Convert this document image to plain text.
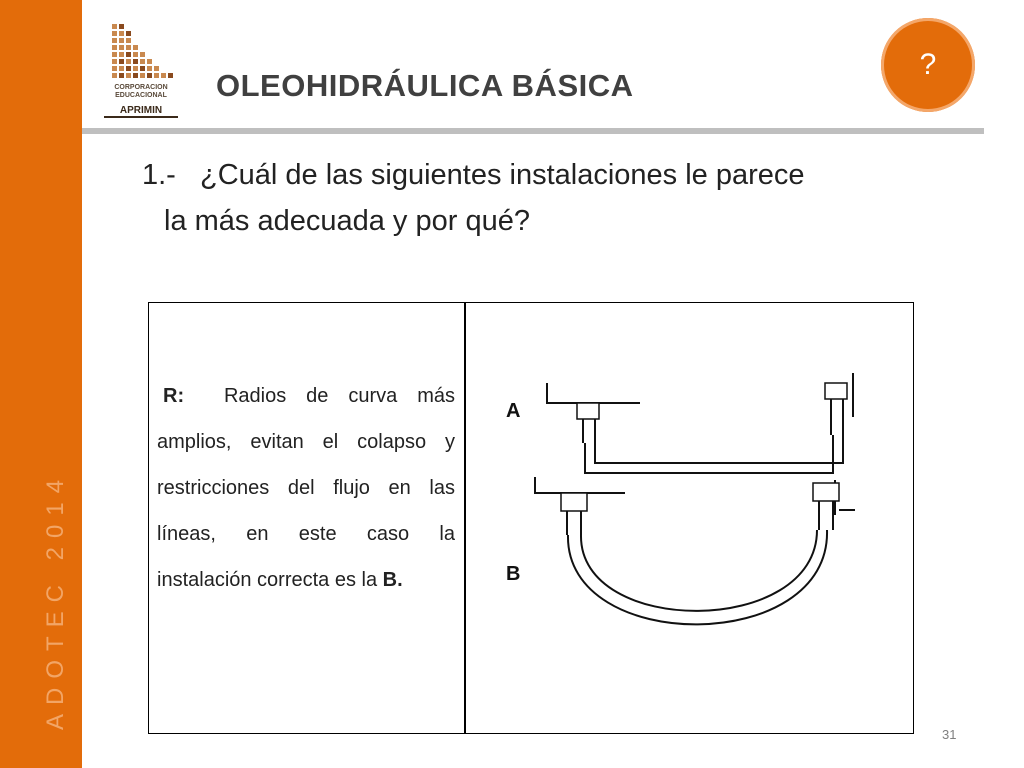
ADOTEC 2014
CORPORACION
EDUCACIONAL
APRIMIN
OLEOHIDRÁULICA BÁSICA
?
1.-   ¿Cuál de las siguientes instalaciones le parece
la más adecuada y por qué?
R:  Radios de curva más amplios, evitan el colapso y restricciones del flujo en las líneas, en este caso la instalación correcta es la B.
A
B
31
